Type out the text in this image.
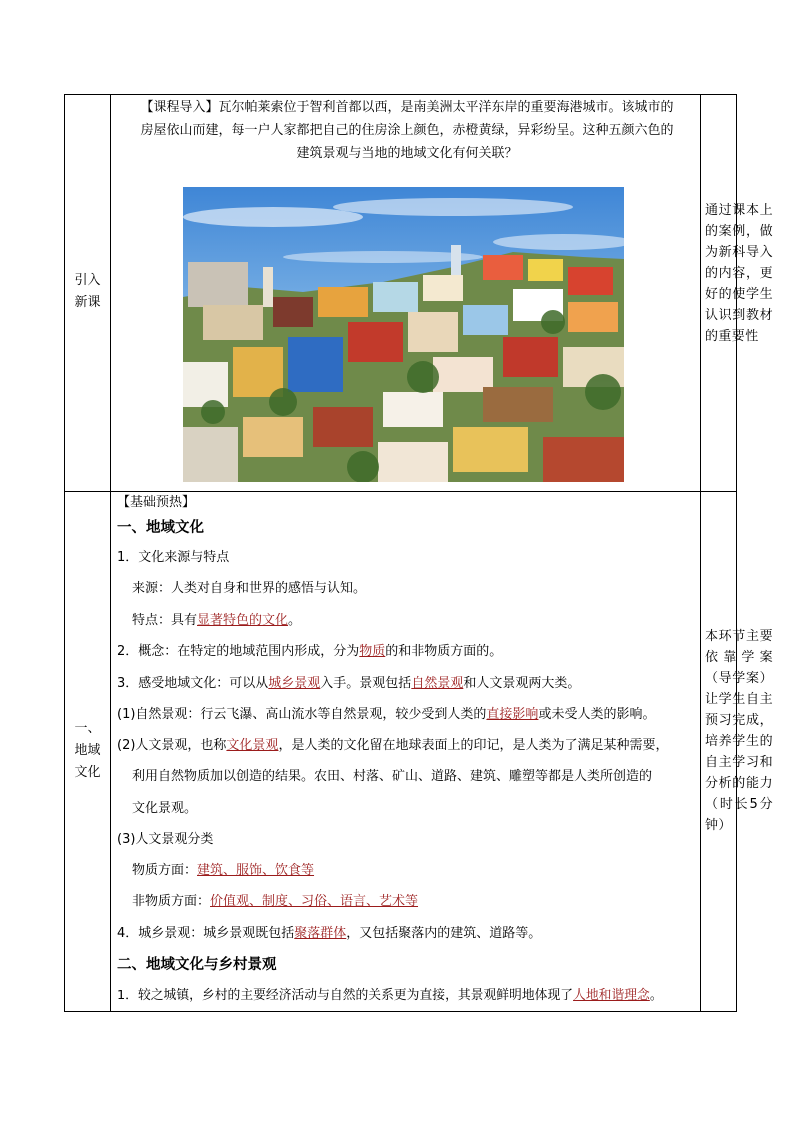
引入
新课
【课程导入】瓦尔帕莱索位于智利首都以西，是南美洲太平洋东岸的重要海港城市。该城市的
房屋依山而建，每一户人家都把自己的住房涂上颜色，赤橙黄绿，异彩纷呈。这种五颜六色的
建筑景观与当地的地域文化有何关联？
通过课本上的案例，做为新科导入的内容，更好的使学生认识到教材的重要性
一、
地域
文化
【基础预热】
一、地域文化
1．文化来源与特点
来源：人类对自身和世界的感悟与认知。
特点：具有显著特色的文化。
2．概念：在特定的地域范围内形成，分为物质的和非物质方面的。
3．感受地域文化：可以从城乡景观入手。景观包括自然景观和人文景观两大类。
(1)自然景观：行云飞瀑、高山流水等自然景观，较少受到人类的直接影响或未受人类的影响。
(2)人文景观，也称文化景观，是人类的文化留在地球表面上的印记，是人类为了满足某种需要，
利用自然物质加以创造的结果。农田、村落、矿山、道路、建筑、雕塑等都是人类所创造的
文化景观。
(3)人文景观分类
物质方面：建筑、服饰、饮食等
非物质方面：价值观、制度、习俗、语言、艺术等
4．城乡景观：城乡景观既包括聚落群体，又包括聚落内的建筑、道路等。
二、地域文化与乡村景观
1．较之城镇，乡村的主要经济活动与自然的关系更为直接，其景观鲜明地体现了人地和谐理念。
本环节主要依靠学案（导学案）让学生自主预习完成，培养学生的自主学习和分析的能力（时长5分钟）
